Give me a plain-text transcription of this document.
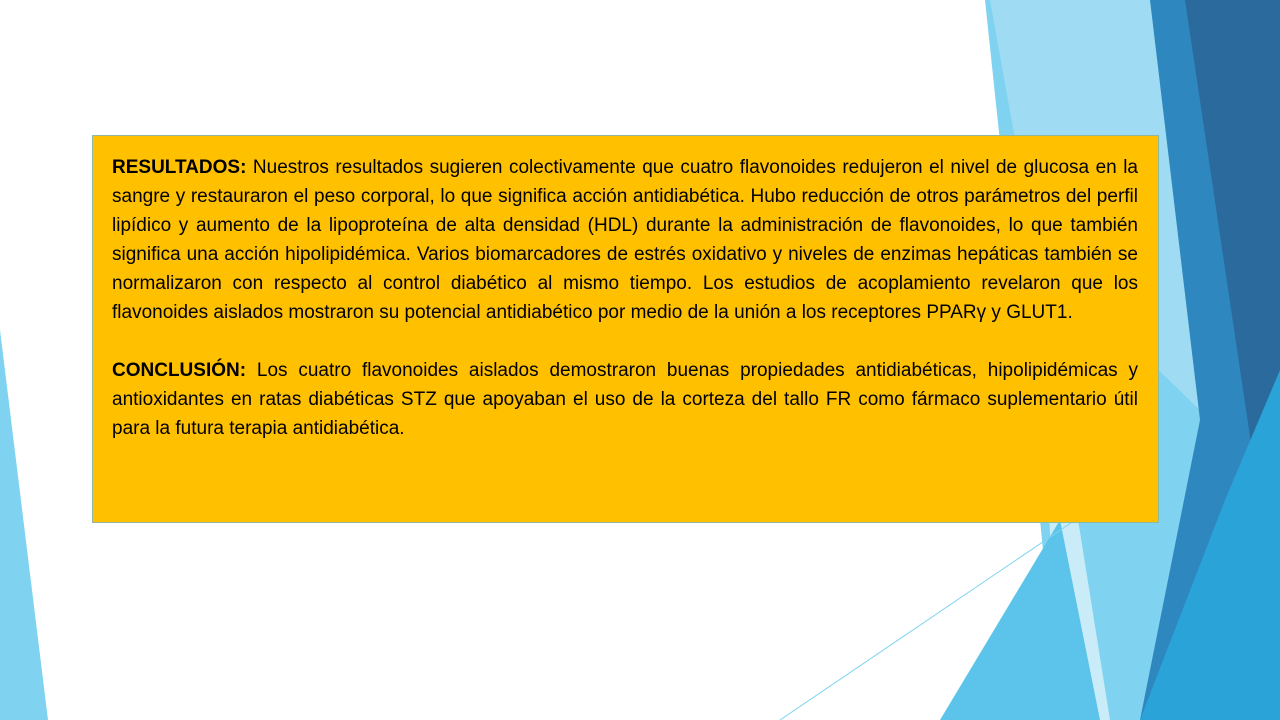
RESULTADOS: Nuestros resultados sugieren colectivamente que cuatro flavonoides redujeron el nivel de glucosa en la sangre y restauraron el peso corporal, lo que significa acción antidiabética. Hubo reducción de otros parámetros del perfil lipídico y aumento de la lipoproteína de alta densidad (HDL) durante la administración de flavonoides, lo que también significa una acción hipolipidémica. Varios biomarcadores de estrés oxidativo y niveles de enzimas hepáticas también se normalizaron con respecto al control diabético al mismo tiempo. Los estudios de acoplamiento revelaron que los flavonoides aislados mostraron su potencial antidiabético por medio de la unión a los receptores PPARγ y GLUT1.

CONCLUSIÓN: Los cuatro flavonoides aislados demostraron buenas propiedades antidiabéticas, hipolipidémicas y antioxidantes en ratas diabéticas STZ que apoyaban el uso de la corteza del tallo FR como fármaco suplementario útil para la futura terapia antidiabética.
